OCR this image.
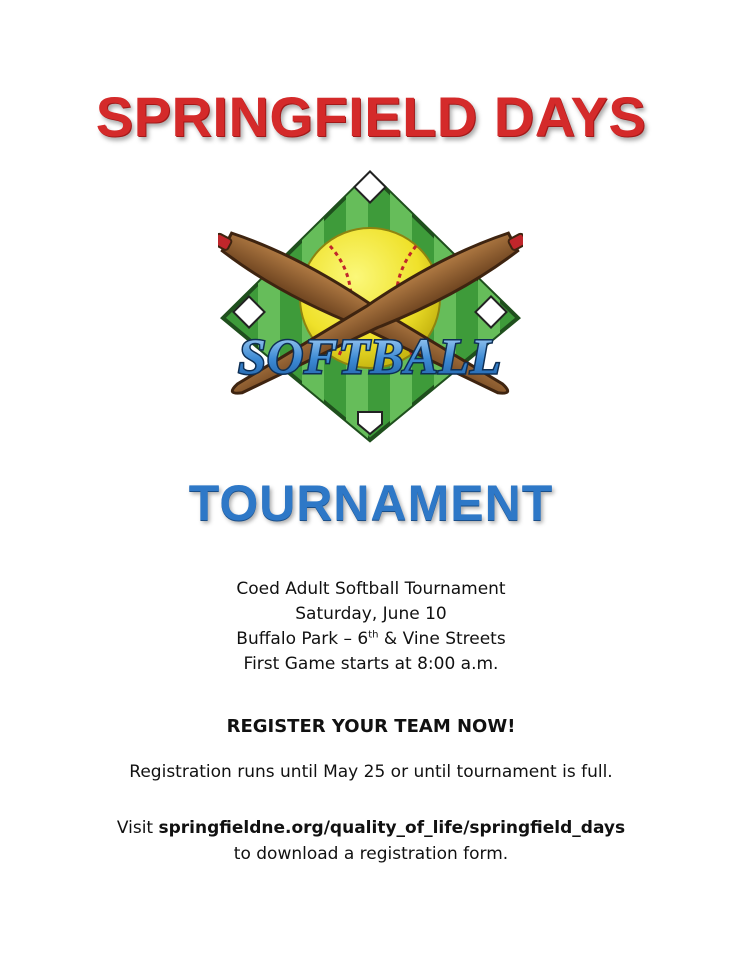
SPRINGFIELD DAYS
SOFTBALL
TOURNAMENT
Coed Adult Softball Tournament
Saturday, June 10
Buffalo Park – 6th & Vine Streets
First Game starts at 8:00 a.m.
REGISTER YOUR TEAM NOW!
Registration runs until May 25 or until tournament is full.
Visit springfieldne.org/quality_of_life/springfield_days
to download a registration form.
